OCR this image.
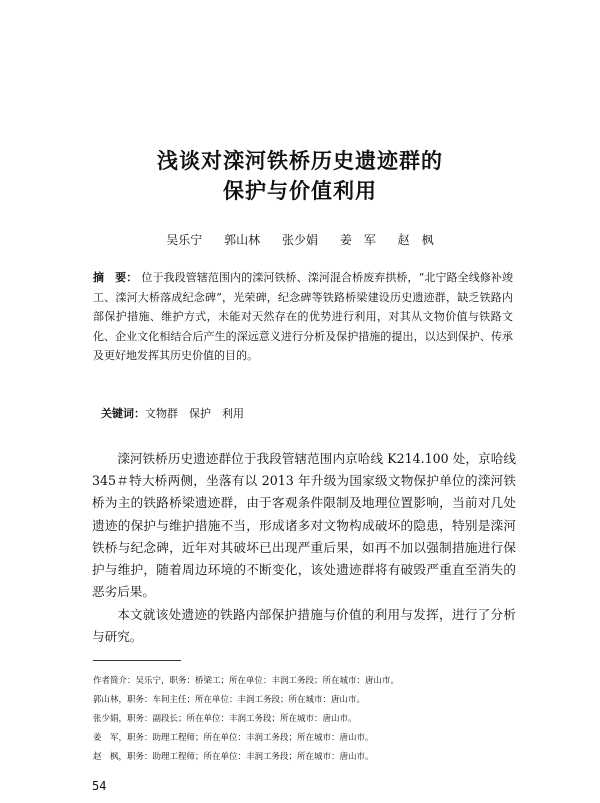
浅谈对滦河铁桥历史遗迹群的
保护与价值利用
吴乐宁 郭山林 张少娟 姜　军 赵　枫

摘　要： 位于我段管辖范围内的滦河铁桥、滦河混合桥废弃拱桥，“北宁路全线修补竣工、滦河大桥落成纪念碑”，光荣碑，纪念碑等铁路桥梁建设历史遗迹群，缺乏铁路内部保护措施、维护方式，未能对天然存在的优势进行利用，对其从文物价值与铁路文化、企业文化相结合后产生的深远意义进行分析及保护措施的提出，以达到保护、传承及更好地发挥其历史价值的目的。

关键词：文物群　保护　利用

滦河铁桥历史遗迹群位于我段管辖范围内京哈线 K214.100 处，京哈线 345＃特大桥两侧，坐落有以 2013 年升级为国家级文物保护单位的滦河铁桥为主的铁路桥梁遗迹群，由于客观条件限制及地理位置影响，当前对几处遗迹的保护与维护措施不当，形成诸多对文物构成破坏的隐患，特别是滦河铁桥与纪念碑，近年对其破坏已出现严重后果，如再不加以强制措施进行保护与维护，随着周边环境的不断变化，该处遗迹群将有破毁严重直至消失的恶劣后果。

本文就该处遗迹的铁路内部保护措施与价值的利用与发挥，进行了分析与研究。

作者简介：吴乐宁，职务：桥梁工；所在单位：丰润工务段；所在城市：唐山市。
郭山林，职务：车间主任；所在单位：丰润工务段；所在城市：唐山市。
张少娟，职务：副段长；所在单位：丰润工务段；所在城市：唐山市。
姜　军，职务：助理工程师；所在单位：丰润工务段；所在城市：唐山市。
赵　枫，职务：助理工程师；所在单位：丰润工务段；所在城市：唐山市。
54
